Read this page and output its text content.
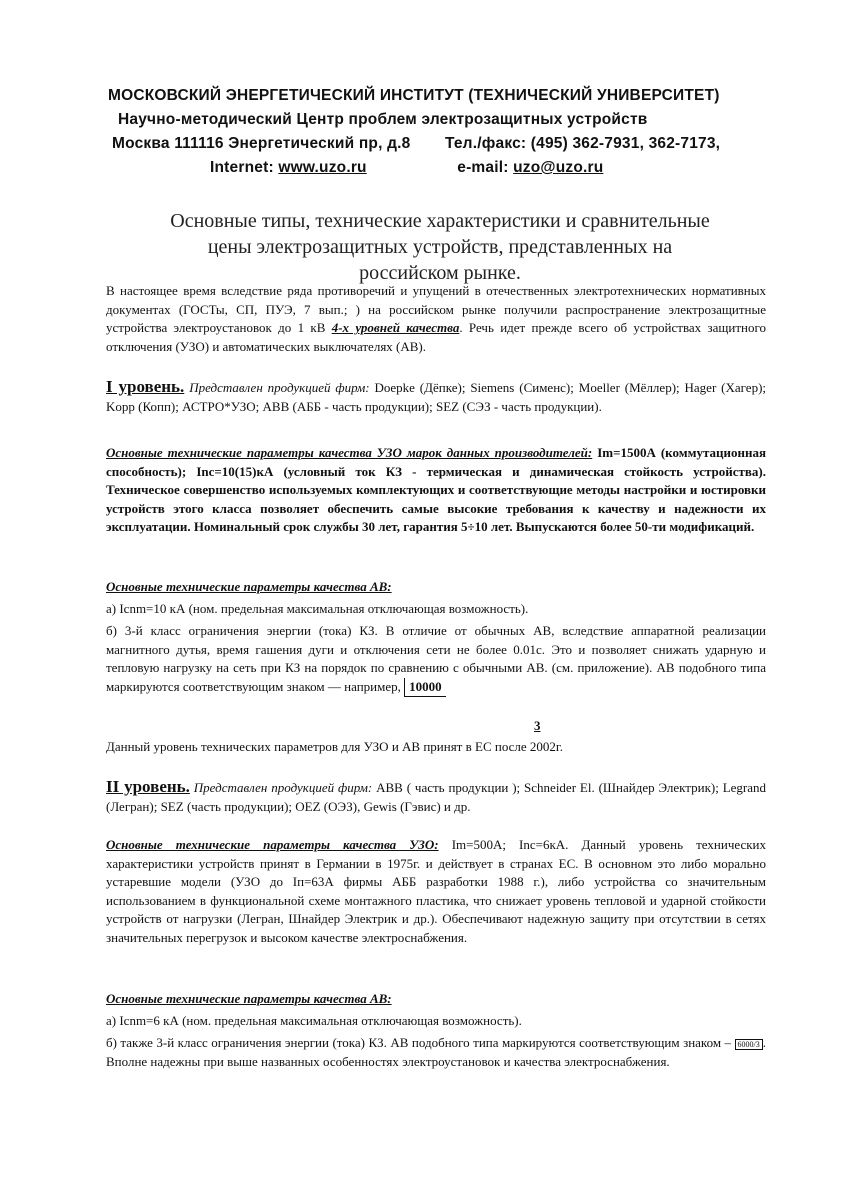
МОСКОВСКИЙ ЭНЕРГЕТИЧЕСКИЙ ИНСТИТУТ (ТЕХНИЧЕСКИЙ УНИВЕРСИТЕТ)
Научно-методический Центр проблем электрозащитных устройств
Москва 111116 Энергетический пр, д.8 Тел./факс: (495) 362-7931, 362-7173,
Internet: www.uzo.ru	e-mail: uzo@uzo.ru
Основные типы, технические характеристики и сравнительные
цены электрозащитных устройств, представленных на
российском рынке.
В настоящее время вследствие ряда противоречий и упущений в отечественных электротехнических нормативных документах (ГОСТы, СП, ПУЭ, 7 вып.; ) на российском рынке получили распространение электрозащитные устройства электроустановок до 1 кВ 4-х уровней качества. Речь идет прежде всего об устройствах защитного отключения (УЗО) и автоматических выключателях (АВ).
I уровень. Представлен продукцией фирм: Doepke (Дёпке); Siemens (Сименс); Moeller (Мёллер); Hager (Хагер); Kopp (Копп); АСТРО*УЗО; ABB (АББ - часть продукции); SEZ (СЭЗ - часть продукции).
Основные технические параметры качества УЗО марок данных производителей: Im=1500А (коммутационная способность); Inc=10(15)кА (условный ток КЗ - термическая и динамическая стойкость устройства). Техническое совершенство используемых комплектующих и соответствующие методы настройки и юстировки устройств этого класса позволяет обеспечить самые высокие требования к качеству и надежности их эксплуатации. Номинальный срок службы 30 лет, гарантия 5÷10 лет. Выпускаются более 50-ти модификаций.
Основные технические параметры качества АВ:
а) Icnm=10 кА (ном. предельная максимальная отключающая возможность).
б) 3-й класс ограничения энергии (тока) КЗ. В отличие от обычных АВ, вследствие аппаратной реализации магнитного дутья, время гашения дуги и отключения сети не более 0.01с. Это и позволяет снижать ударную и тепловую нагрузку на сеть при КЗ на порядок по сравнению с обычными АВ. (см. приложение). АВ подобного типа маркируются соответствующим знаком — например, 10000
3
Данный уровень технических параметров для УЗО и АВ принят в ЕС после 2002г.
II уровень. Представлен продукцией фирм: ABB ( часть продукции ); Schneider El. (Шнайдер Электрик); Legrand (Легран); SEZ (часть продукции); OEZ (ОЭЗ), Gewis (Гэвис) и др.
Основные технические параметры качества УЗО: Im=500А; Inc=6кА. Данный уровень технических характеристики устройств принят в Германии в 1975г. и действует в странах ЕС. В основном это либо морально устаревшие модели (УЗО до Iп=63А фирмы АББ разработки 1988 г.), либо устройства со значительным использованием в функциональной схеме монтажного пластика, что снижает уровень тепловой и ударной стойкости устройств от нагрузки (Легран, Шнайдер Электрик и др.). Обеспечивают надежную защиту при отсутствии в сетях значительных перегрузок и высоком качестве электроснабжения.
Основные технические параметры качества АВ:
а) Icnm=6 кА (ном. предельная максимальная отключающая возможность).
б) также 3-й класс ограничения энергии (тока) КЗ. АВ подобного типа маркируются соответствующим знаком – 6000/3 . Вполне надежны при выше названных особенностях электроустановок и качества электроснабжения.
